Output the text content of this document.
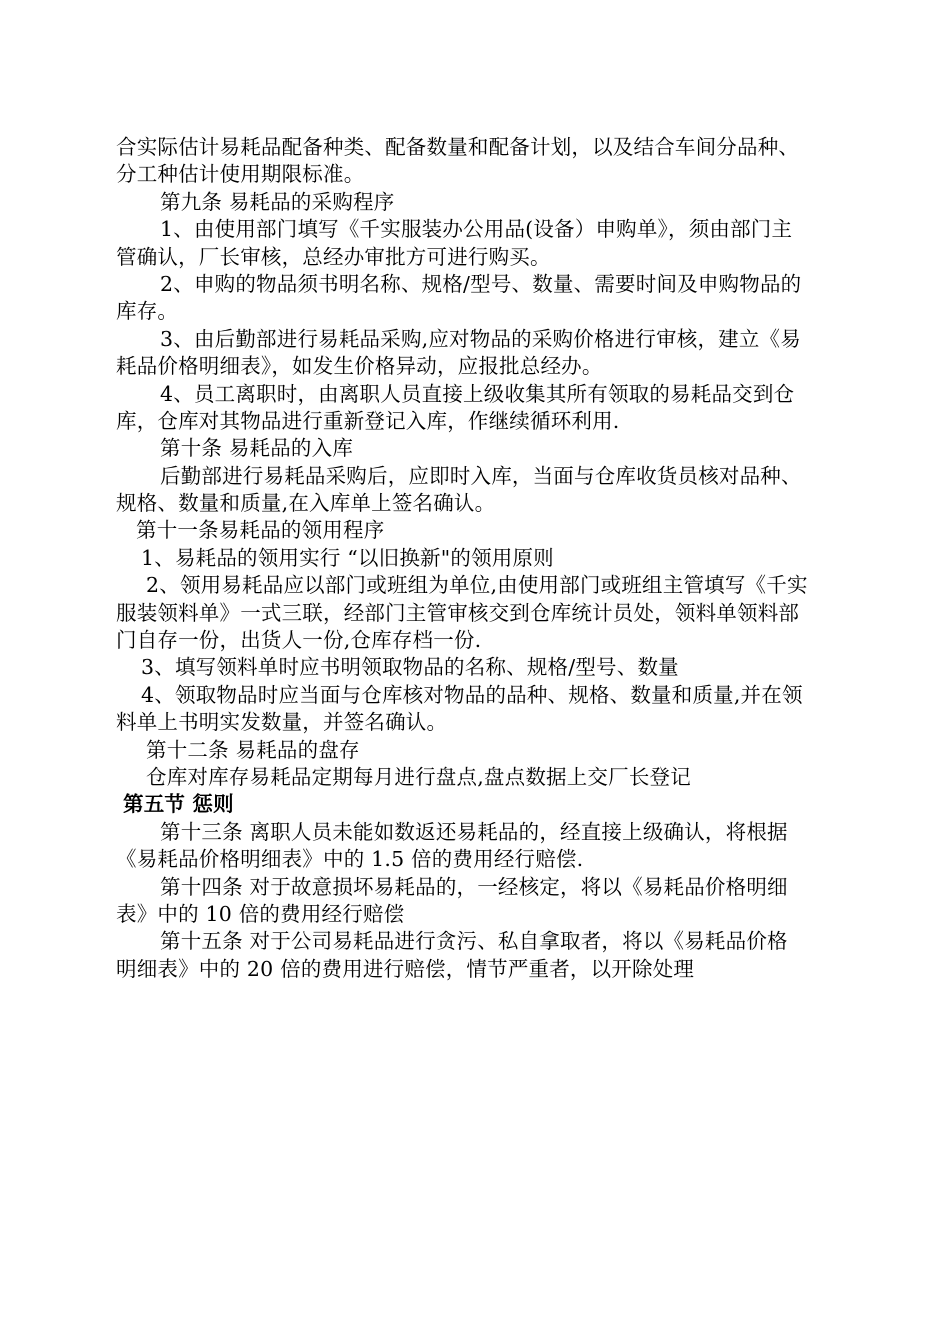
合实际估计易耗品配备种类、配备数量和配备计划，以及结合车间分品种、
分工种估计使用期限标准。
第九条 易耗品的采购程序
1、由使用部门填写《千实服装办公用品(设备）申购单》，须由部门主
管确认，厂长审核，总经办审批方可进行购买。
2、申购的物品须书明名称、规格/型号、数量、需要时间及申购物品的
库存。
3、由后勤部进行易耗品采购,应对物品的采购价格进行审核，建立《易
耗品价格明细表》，如发生价格异动，应报批总经办。
4、员工离职时，由离职人员直接上级收集其所有领取的易耗品交到仓
库，仓库对其物品进行重新登记入库，作继续循环利用.
第十条 易耗品的入库
后勤部进行易耗品采购后，应即时入库，当面与仓库收货员核对品种、
规格、数量和质量,在入库单上签名确认。
第十一条易耗品的领用程序
1、易耗品的领用实行 “以旧换新"的领用原则
2、领用易耗品应以部门或班组为单位,由使用部门或班组主管填写《千实
服装领料单》一式三联，经部门主管审核交到仓库统计员处，领料单领料部
门自存一份，出货人一份,仓库存档一份.
3、填写领料单时应书明领取物品的名称、规格/型号、数量
4、领取物品时应当面与仓库核对物品的品种、规格、数量和质量,并在领
料单上书明实发数量，并签名确认。
第十二条 易耗品的盘存
仓库对库存易耗品定期每月进行盘点,盘点数据上交厂长登记
第五节 惩则
第十三条 离职人员未能如数返还易耗品的，经直接上级确认，将根据
《易耗品价格明细表》中的 1.5 倍的费用经行赔偿.
第十四条 对于故意损坏易耗品的，一经核定，将以《易耗品价格明细
表》中的 10 倍的费用经行赔偿
第十五条 对于公司易耗品进行贪污、私自拿取者，将以《易耗品价格
明细表》中的 20 倍的费用进行赔偿，情节严重者，以开除处理
